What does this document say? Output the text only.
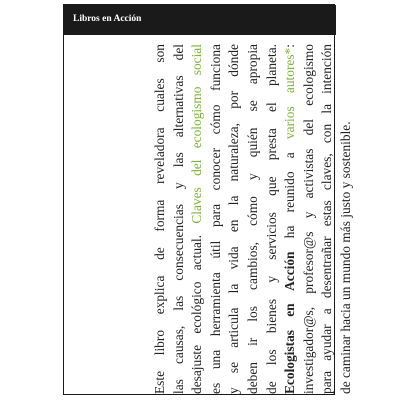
Libros en Acción
Este libro explica de forma reveladora cuales son las causas, las consecuencias y las alternativas del desajuste ecológico actual. Claves del ecologismo social es una herramienta útil para conocer cómo funciona y se articula la vida en la naturaleza, por dónde deben ir los cambios, cómo y quién se apropia de los bienes y servicios que presta el planeta. Ecologistas en Acción ha reunido a varios autores*: investigador@s, profesor@s y activistas del ecologismo para ayudar a desentrañar estas claves, con la intención de caminar hacia un mundo más justo y sostenible.
